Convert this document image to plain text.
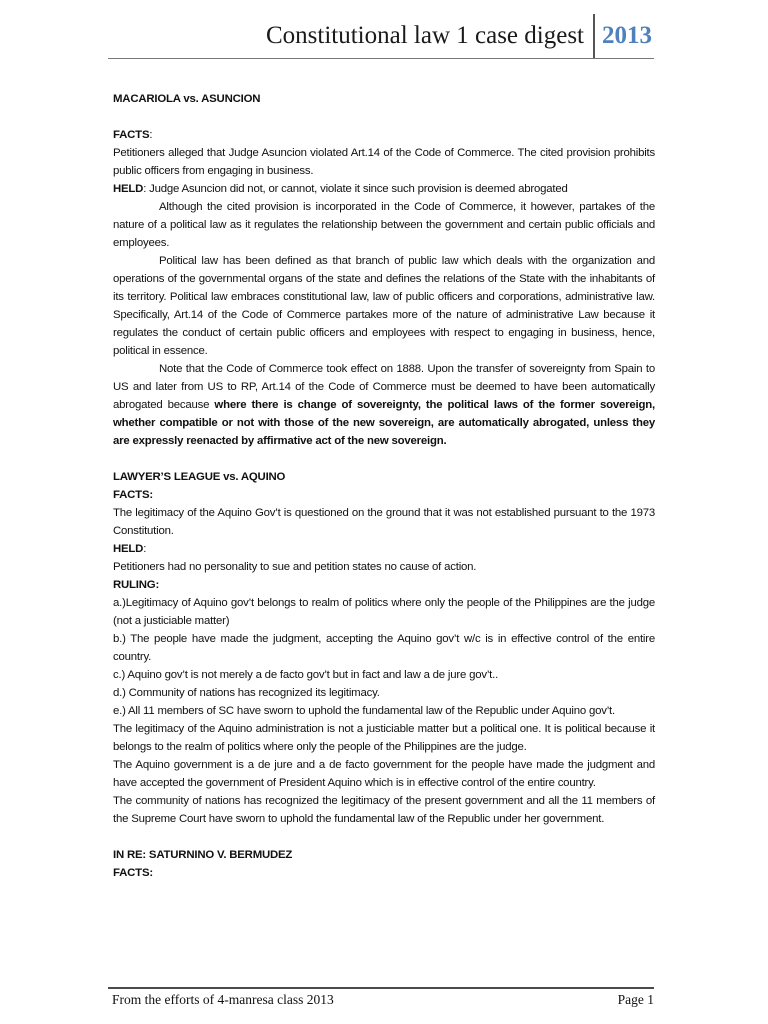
Constitutional law 1 case digest 2013

MACARIOLA vs. ASUNCION

FACTS:

Petitioners alleged that Judge Asuncion violated Art.14 of the Code of Commerce. The cited provision prohibits public officers from engaging in business.

HELD: Judge Asuncion did not, or cannot, violate it since such provision is deemed abrogated

Although the cited provision is incorporated in the Code of Commerce, it however, partakes of the nature of a political law as it regulates the relationship between the government and certain public officials and employees.

Political law has been defined as that branch of public law which deals with the organization and operations of the governmental organs of the state and defines the relations of the State with the inhabitants of its territory. Political law embraces constitutional law, law of public officers and corporations, administrative law. Specifically, Art.14 of the Code of Commerce partakes more of the nature of administrative Law because it regulates the conduct of certain public officers and employees with respect to engaging in business, hence, political in essence.

Note that the Code of Commerce took effect on 1888. Upon the transfer of sovereignty from Spain to US and later from US to RP, Art.14 of the Code of Commerce must be deemed to have been automatically abrogated because where there is change of sovereignty, the political laws of the former sovereign, whether compatible or not with those of the new sovereign, are automatically abrogated, unless they are expressly reenacted by affirmative act of the new sovereign.

LAWYER’S LEAGUE vs. AQUINO

FACTS:

The legitimacy of the Aquino Gov’t is questioned on the ground that it was not established pursuant to the 1973 Constitution.

HELD:

Petitioners had no personality to sue and petition states no cause of action.

RULING:

a.)Legitimacy of Aquino gov’t belongs to realm of politics where only the people of the Philippines are the judge (not a justiciable matter)

b.) The people have made the judgment, accepting the Aquino gov’t w/c is in effective control of the entire country.

c.) Aquino gov’t is not merely a de facto gov’t but in fact and law a de jure gov’t..

d.) Community of nations has recognized its legitimacy.

e.) All 11 members of SC have sworn to uphold the fundamental law of the Republic under Aquino gov’t.

The legitimacy of the Aquino administration is not a justiciable matter but a political one. It is political because it belongs to the realm of politics where only the people of the Philippines are the judge.

The Aquino government is a de jure and a de facto government for the people have made the judgment and have accepted the government of President Aquino which is in effective control of the entire country.

The community of nations has recognized the legitimacy of the present government and all the 11 members of the Supreme Court have sworn to uphold the fundamental law of the Republic under her government.

IN RE: SATURNINO V. BERMUDEZ

FACTS:

From the efforts of 4-manresa class 2013	Page 1
